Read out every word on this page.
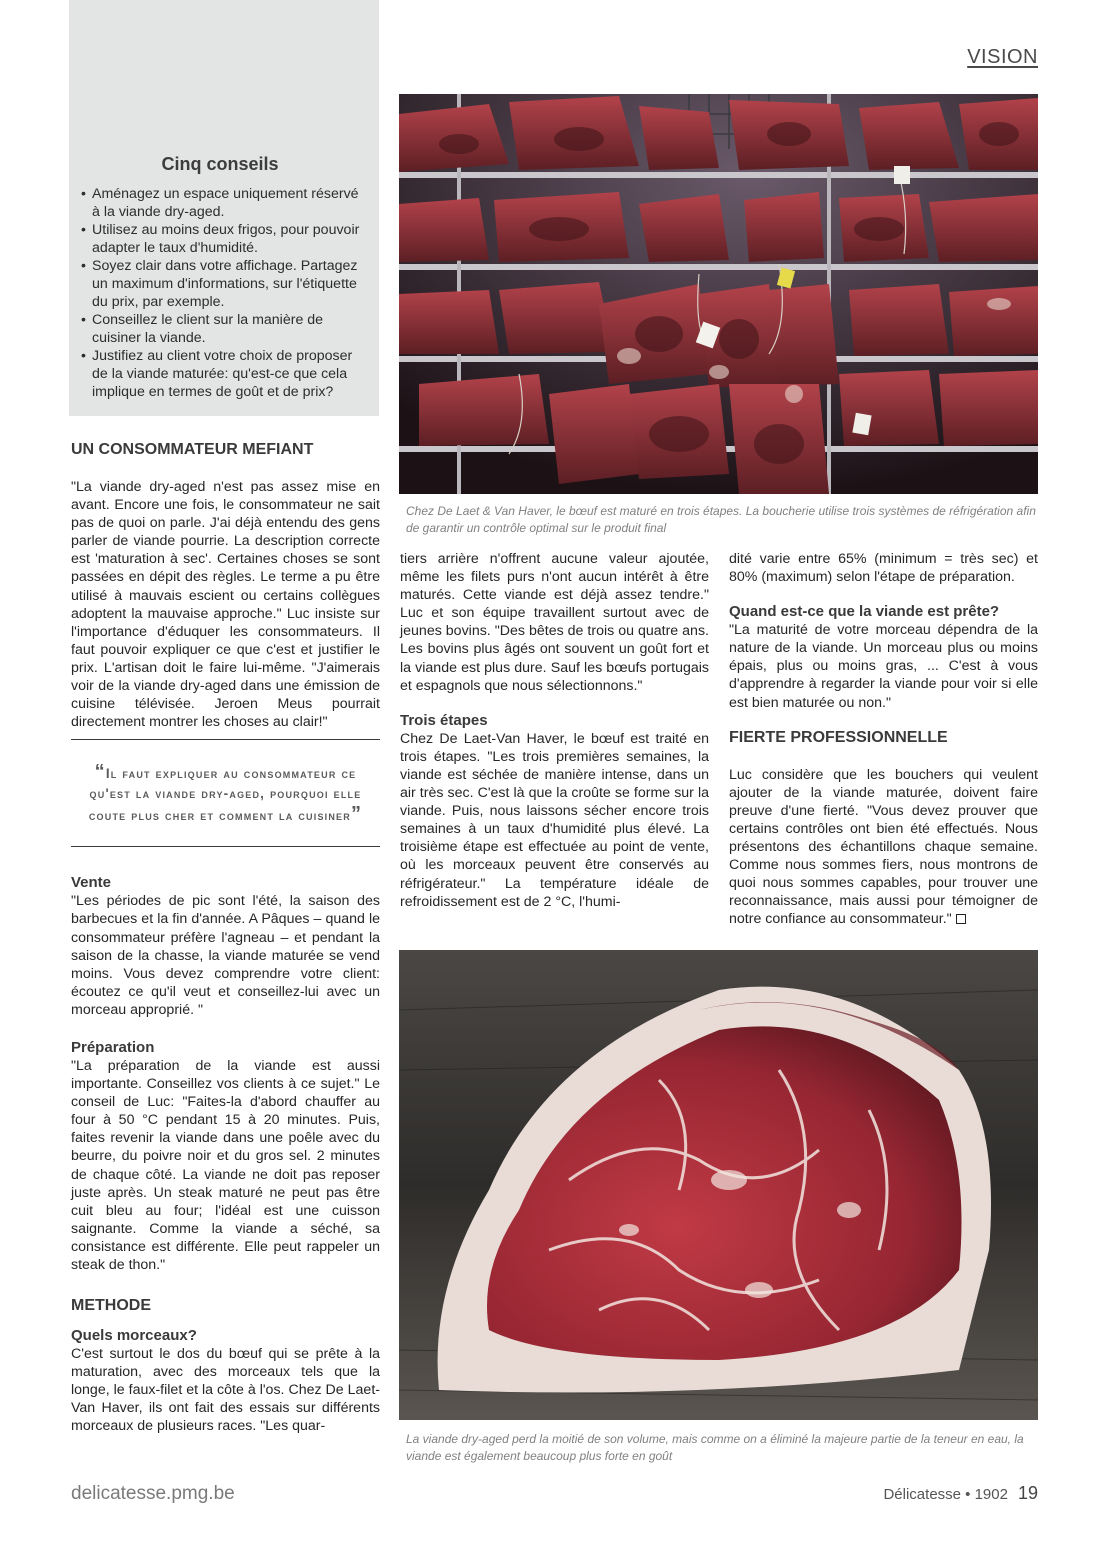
VISION
Cinq conseils
• Aménagez un espace uniquement réservé à la viande dry-aged.
• Utilisez au moins deux frigos, pour pouvoir adapter le taux d'humidité.
• Soyez clair dans votre affichage. Partagez un maximum d'informations, sur l'étiquette du prix, par exemple.
• Conseillez le client sur la manière de cuisiner la viande.
• Justifiez au client votre choix de proposer de la viande maturée: qu'est-ce que cela implique en termes de goût et de prix?
UN CONSOMMATEUR MEFIANT

"La viande dry-aged n'est pas assez mise en avant. Encore une fois, le consommateur ne sait pas de quoi on parle. J'ai déjà entendu des gens parler de viande pourrie. La description correcte est 'maturation à sec'. Certaines choses se sont passées en dépit des règles. Le terme a pu être utilisé à mauvais escient ou certains collègues adoptent la mauvaise approche." Luc insiste sur l'importance d'éduquer les consommateurs. Il faut pouvoir expliquer ce que c'est et justifier le prix. L'artisan doit le faire lui-même. "J'aimerais voir de la viande dry-aged dans une émission de cuisine télévisée. Jeroen Meus pourrait directement montrer les choses au clair!"

“Il faut expliquer au consommateur ce qu'est la viande dry-aged, pourquoi elle coute plus cher et comment la cuisiner”
Vente

"Les périodes de pic sont l'été, la saison des barbecues et la fin d'année. A Pâques – quand le consommateur préfère l'agneau – et pendant la saison de la chasse, la viande maturée se vend moins. Vous devez comprendre votre client: écoutez ce qu'il veut et conseillez-lui avec un morceau approprié. "

Préparation

"La préparation de la viande est aussi importante. Conseillez vos clients à ce sujet." Le conseil de Luc: "Faites-la d'abord chauffer au four à 50 °C pendant 15 à 20 minutes. Puis, faites revenir la viande dans une poêle avec du beurre, du poivre noir et du gros sel. 2 minutes de chaque côté. La viande ne doit pas reposer juste après. Un steak maturé ne peut pas être cuit bleu au four; l'idéal est une cuisson saignante. Comme la viande a séché, sa consistance est différente. Elle peut rappeler un steak de thon."

METHODE
Quels morceaux?

C'est surtout le dos du bœuf qui se prête à la maturation, avec des morceaux tels que la longe, le faux-filet et la côte à l'os. Chez De Laet-Van Haver, ils ont fait des essais sur différents morceaux de plusieurs races. "Les quar-

tiers arrière n'offrent aucune valeur ajoutée, même les filets purs n'ont aucun intérêt à être maturés. Cette viande est déjà assez tendre." Luc et son équipe travaillent surtout avec de jeunes bovins. "Des bêtes de trois ou quatre ans. Les bovins plus âgés ont souvent un goût fort et la viande est plus dure. Sauf les bœufs portugais et espagnols que nous sélectionnons."

Trois étapes

Chez De Laet-Van Haver, le bœuf est traité en trois étapes. "Les trois premières semaines, la viande est séchée de manière intense, dans un air très sec. C'est là que la croûte se forme sur la viande. Puis, nous laissons sécher encore trois semaines à un taux d'humidité plus élevé. La troisième étape est effectuée au point de vente, où les morceaux peuvent être conservés au réfrigérateur." La température idéale de refroidissement est de 2 °C, l'humi-

dité varie entre 65% (minimum = très sec) et 80% (maximum) selon l'étape de préparation.

Quand est-ce que la viande est prête?

"La maturité de votre morceau dépendra de la nature de la viande. Un morceau plus ou moins épais, plus ou moins gras, ... C'est à vous d'apprendre à regarder la viande pour voir si elle est bien maturée ou non."

FIERTE PROFESSIONNELLE

Luc considère que les bouchers qui veulent ajouter de la viande maturée, doivent faire preuve d'une fierté. "Vous devez prouver que certains contrôles ont bien été effectués. Nous présentons des échantillons chaque semaine. Comme nous sommes fiers, nous montrons de quoi nous sommes capables, pour trouver une reconnaissance, mais aussi pour témoigner de notre confiance au consommateur."

Chez De Laet & Van Haver, le bœuf est maturé en trois étapes. La boucherie utilise trois systèmes de réfrigération afin de garantir un contrôle optimal sur le produit final
La viande dry-aged perd la moitié de son volume, mais comme on a éliminé la majeure partie de la teneur en eau, la viande est également beaucoup plus forte en goût
delicatesse.pmg.be	Délicatesse • 1902 19
